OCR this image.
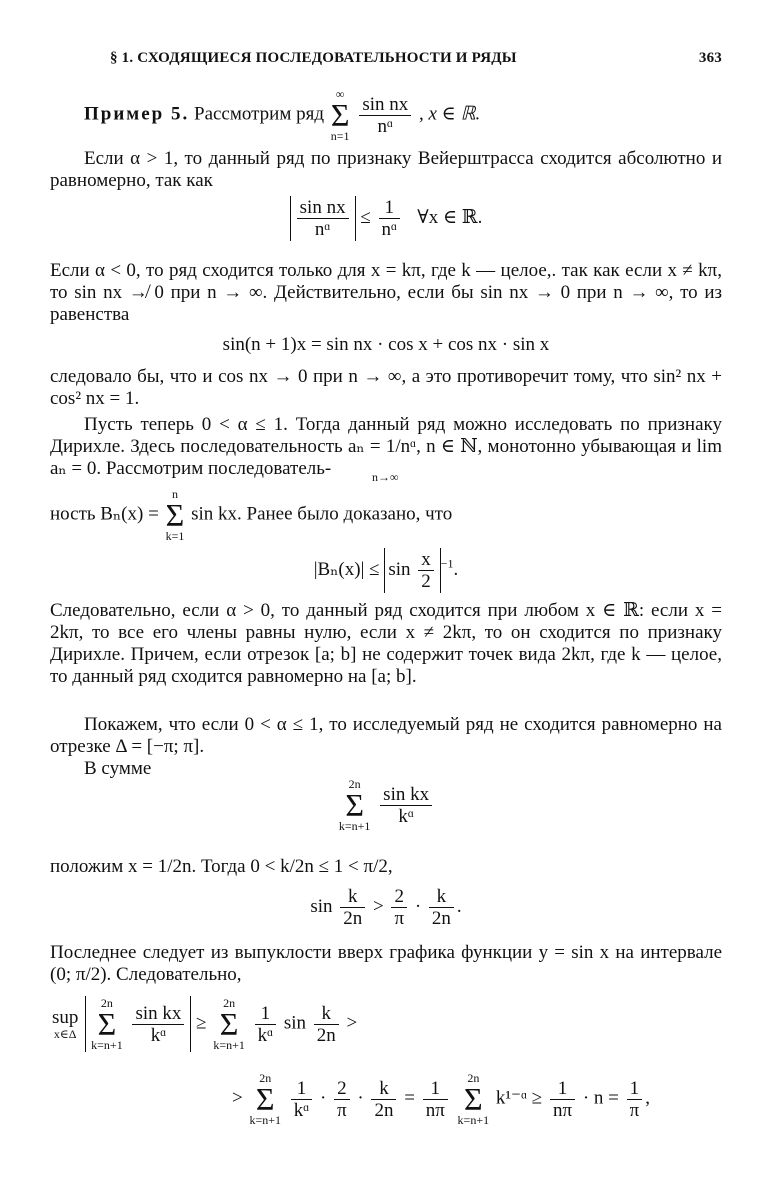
§ 1. СХОДЯЩИЕСЯ ПОСЛЕДОВАТЕЛЬНОСТИ И РЯДЫ	363
Пример 5. Рассмотрим ряд
∞
Σ
n=1
$\frac{\text{sin nx}}{\text{nᵅ}}$ , x ∈ ℝ.
Если α > 1, то данный ряд по признаку Вейерштрасса сходится абсолютно и равномерно, так как
$\frac{\text{sin nx}}{\text{nᵅ}} \le \frac{1}{\text{nᵅ}}$ ∀x ∈ ℝ.
Если α < 0, то ряд сходится только для x = kπ, где k — целое,. так как если x ≠ kπ, то sin nx ↛ 0 при n → ∞. Действительно, если бы sin nx → 0 при n → ∞, то из равенства
sin(n + 1)x = sin nx · cos x + cos nx · sin x
следовало бы, что и cos nx → 0 при n → ∞, а это противоречит тому, что sin² nx + cos² nx = 1.
Пусть теперь 0 < α ≤ 1. Тогда данный ряд можно исследовать по признаку Дирихле. Здесь последовательность aₙ = 1/nᵅ, n ∈ ℕ, монотонно убывающая и lim aₙ = 0. Рассмотрим последователь-	n→∞
ность Bₙ(x) =
n
Σ
k=1
sin kx. Ранее было доказано, что
$|B_n(x)| \le \sin \frac{x}{2} ^{-1}$.
Следовательно, если α > 0, то данный ряд сходится при любом x ∈ ℝ: если x = 2kπ, то все его члены равны нулю, если x ≠ 2kπ, то он сходится по признаку Дирихле. Причем, если отрезок [a; b] не содержит точек вида 2kπ, где k — целое, то данный ряд сходится равномерно на [a; b].
Покажем, что если 0 < α ≤ 1, то исследуемый ряд не сходится равномерно на отрезке Δ = [−π; π].
В сумме
2n
Σ
k=n+1
$\frac{\text{sin kx}}{\text{kᵅ}}$
положим x = 1/2n. Тогда 0 < k/2n ≤ 1 < π/2,
$\sin \frac{k}{2n} > \frac{2}{\pi} \cdot \frac{k}{2n}$ .
Последнее следует из выпуклости вверх графика функции y = sin x на интервале (0; π/2). Следовательно,
sup
x∈Δ

2n
Σ
k=n+1
$\frac{\text{sin kx}}{\text{kᵅ}}$ ≥
2n
Σ
k=n+1
$\frac{1}{\text{kᵅ}}$ $\sin \frac{k}{2n}$ >
>
2n
Σ
k=n+1
$\frac{1}{\text{kᵅ}} \cdot \frac{2}{\pi} \cdot \frac{k}{2n} = \frac{1}{n\pi}$
	2n
Σ
k=n+1
k¹⁻ᵅ ≥ $\frac{1}{n\pi} \cdot n = \frac{1}{\pi}$ ,
